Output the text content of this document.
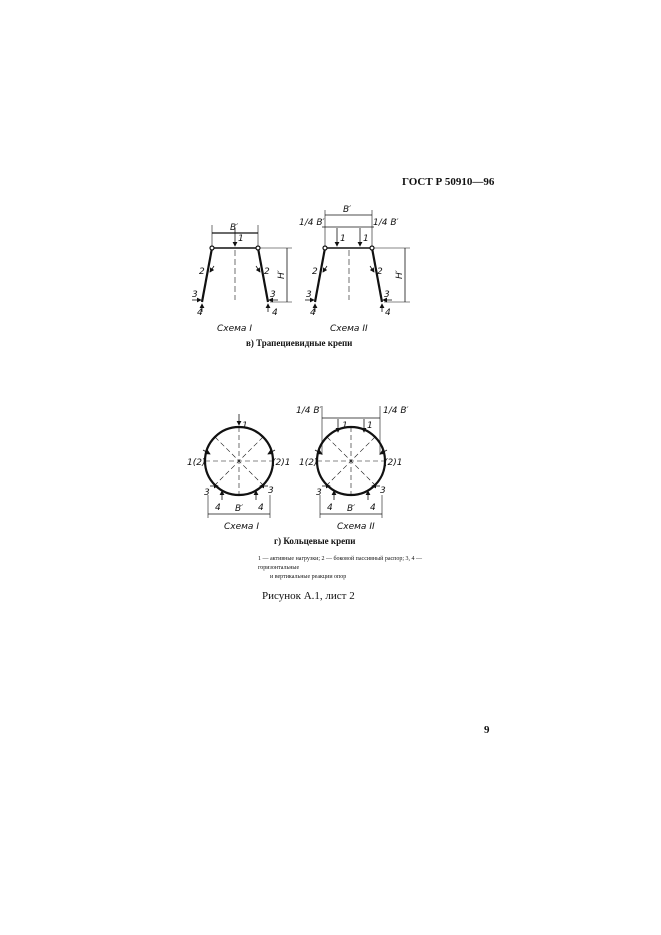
ГОСТ Р 50910—96
B′
1
2	2
3
4
3
4
H′
Схема I
B′
1/4 B′	1/4 B′
1 1
2	2
3
4
3
4
H′
Схема II
1
1(2)	(2)1
3	3
4	4
B′
Схема I
1/4 B′	1/4 B′
1 1
1(2)	(2)1
3	3
4	4
B′
Схема II
в) Трапециевидные крепи
г) Кольцевые крепи
1 — активные нагрузки; 2 — боковой пассивный распор; 3, 4 — горизонтальные
и вертикальные реакции опор
Рисунок А.1, лист 2
9
